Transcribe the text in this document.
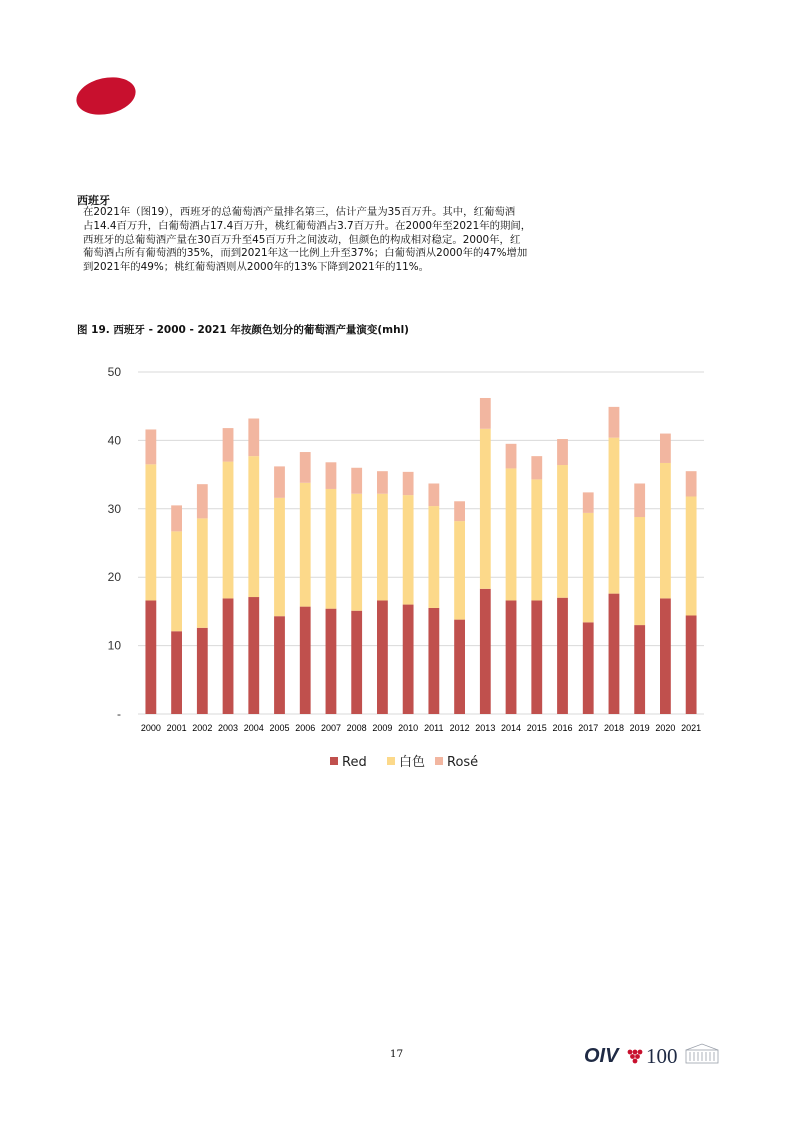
西班牙
在2021年（图19），西班牙的总葡萄酒产量排名第三，估计产量为35百万升。其中，红葡萄酒
占14.4百万升，白葡萄酒占17.4百万升，桃红葡萄酒占3.7百万升。在2000年至2021年的期间，
西班牙的总葡萄酒产量在30百万升至45百万升之间波动，但颜色的构成相对稳定。2000年，红
葡萄酒占所有葡萄酒的35%，而到2021年这一比例上升至37%；白葡萄酒从2000年的47%增加
到2021年的49%；桃红葡萄酒则从2000年的13%下降到2021年的11%。
图 19. 西班牙 - 2000 - 2021 年按颜色划分的葡萄酒产量演变(mhl)
-
10
20
30
40
50
2000 2001 2002 2003 2004 2005 2006 2007 2008 2009 2010 2011 2012 2013 2014 2015 2016 2017 2018 2019 2020 2021
Red 白色 Rosé
17	OIV 100
